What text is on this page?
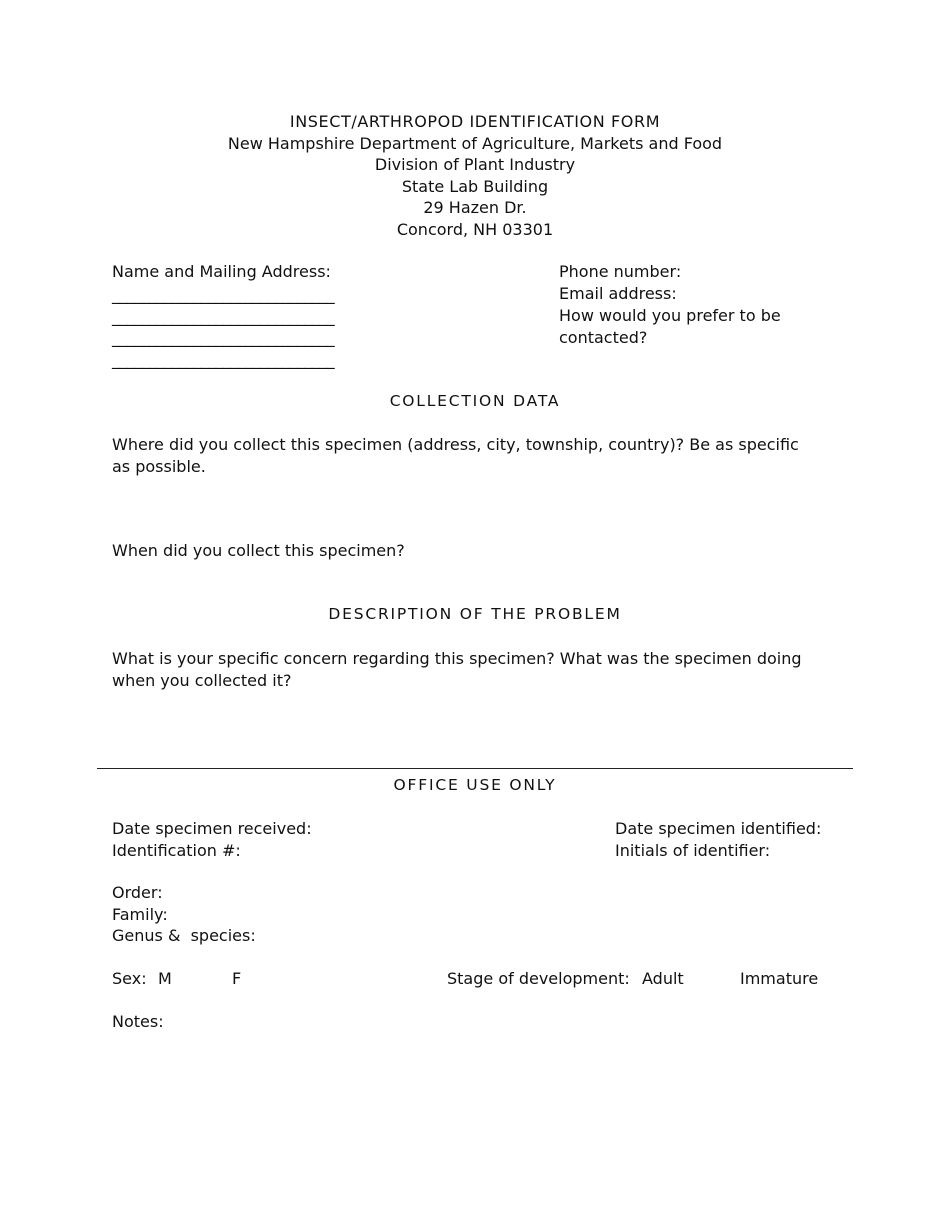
INSECT/ARTHROPOD IDENTIFICATION FORM
New Hampshire Department of Agriculture, Markets and Food
Division of Plant Industry
State Lab Building
29 Hazen Dr.
Concord, NH 03301
Name and Mailing Address:
______________________________
______________________________
______________________________
______________________________
Phone number:
Email address:
How would you prefer to be contacted?
COLLECTION DATA
Where did you collect this specimen (address, city, township, country)? Be as specific as possible.
When did you collect this specimen?
DESCRIPTION OF THE PROBLEM
What is your specific concern regarding this specimen? What was the specimen doing when you collected it?
OFFICE USE ONLY
Date specimen received:
Identification #:
Date specimen identified:
Initials of identifier:
Order:
Family:
Genus &  species:
Sex: M	F	Stage of development: Adult	Immature
Notes:
